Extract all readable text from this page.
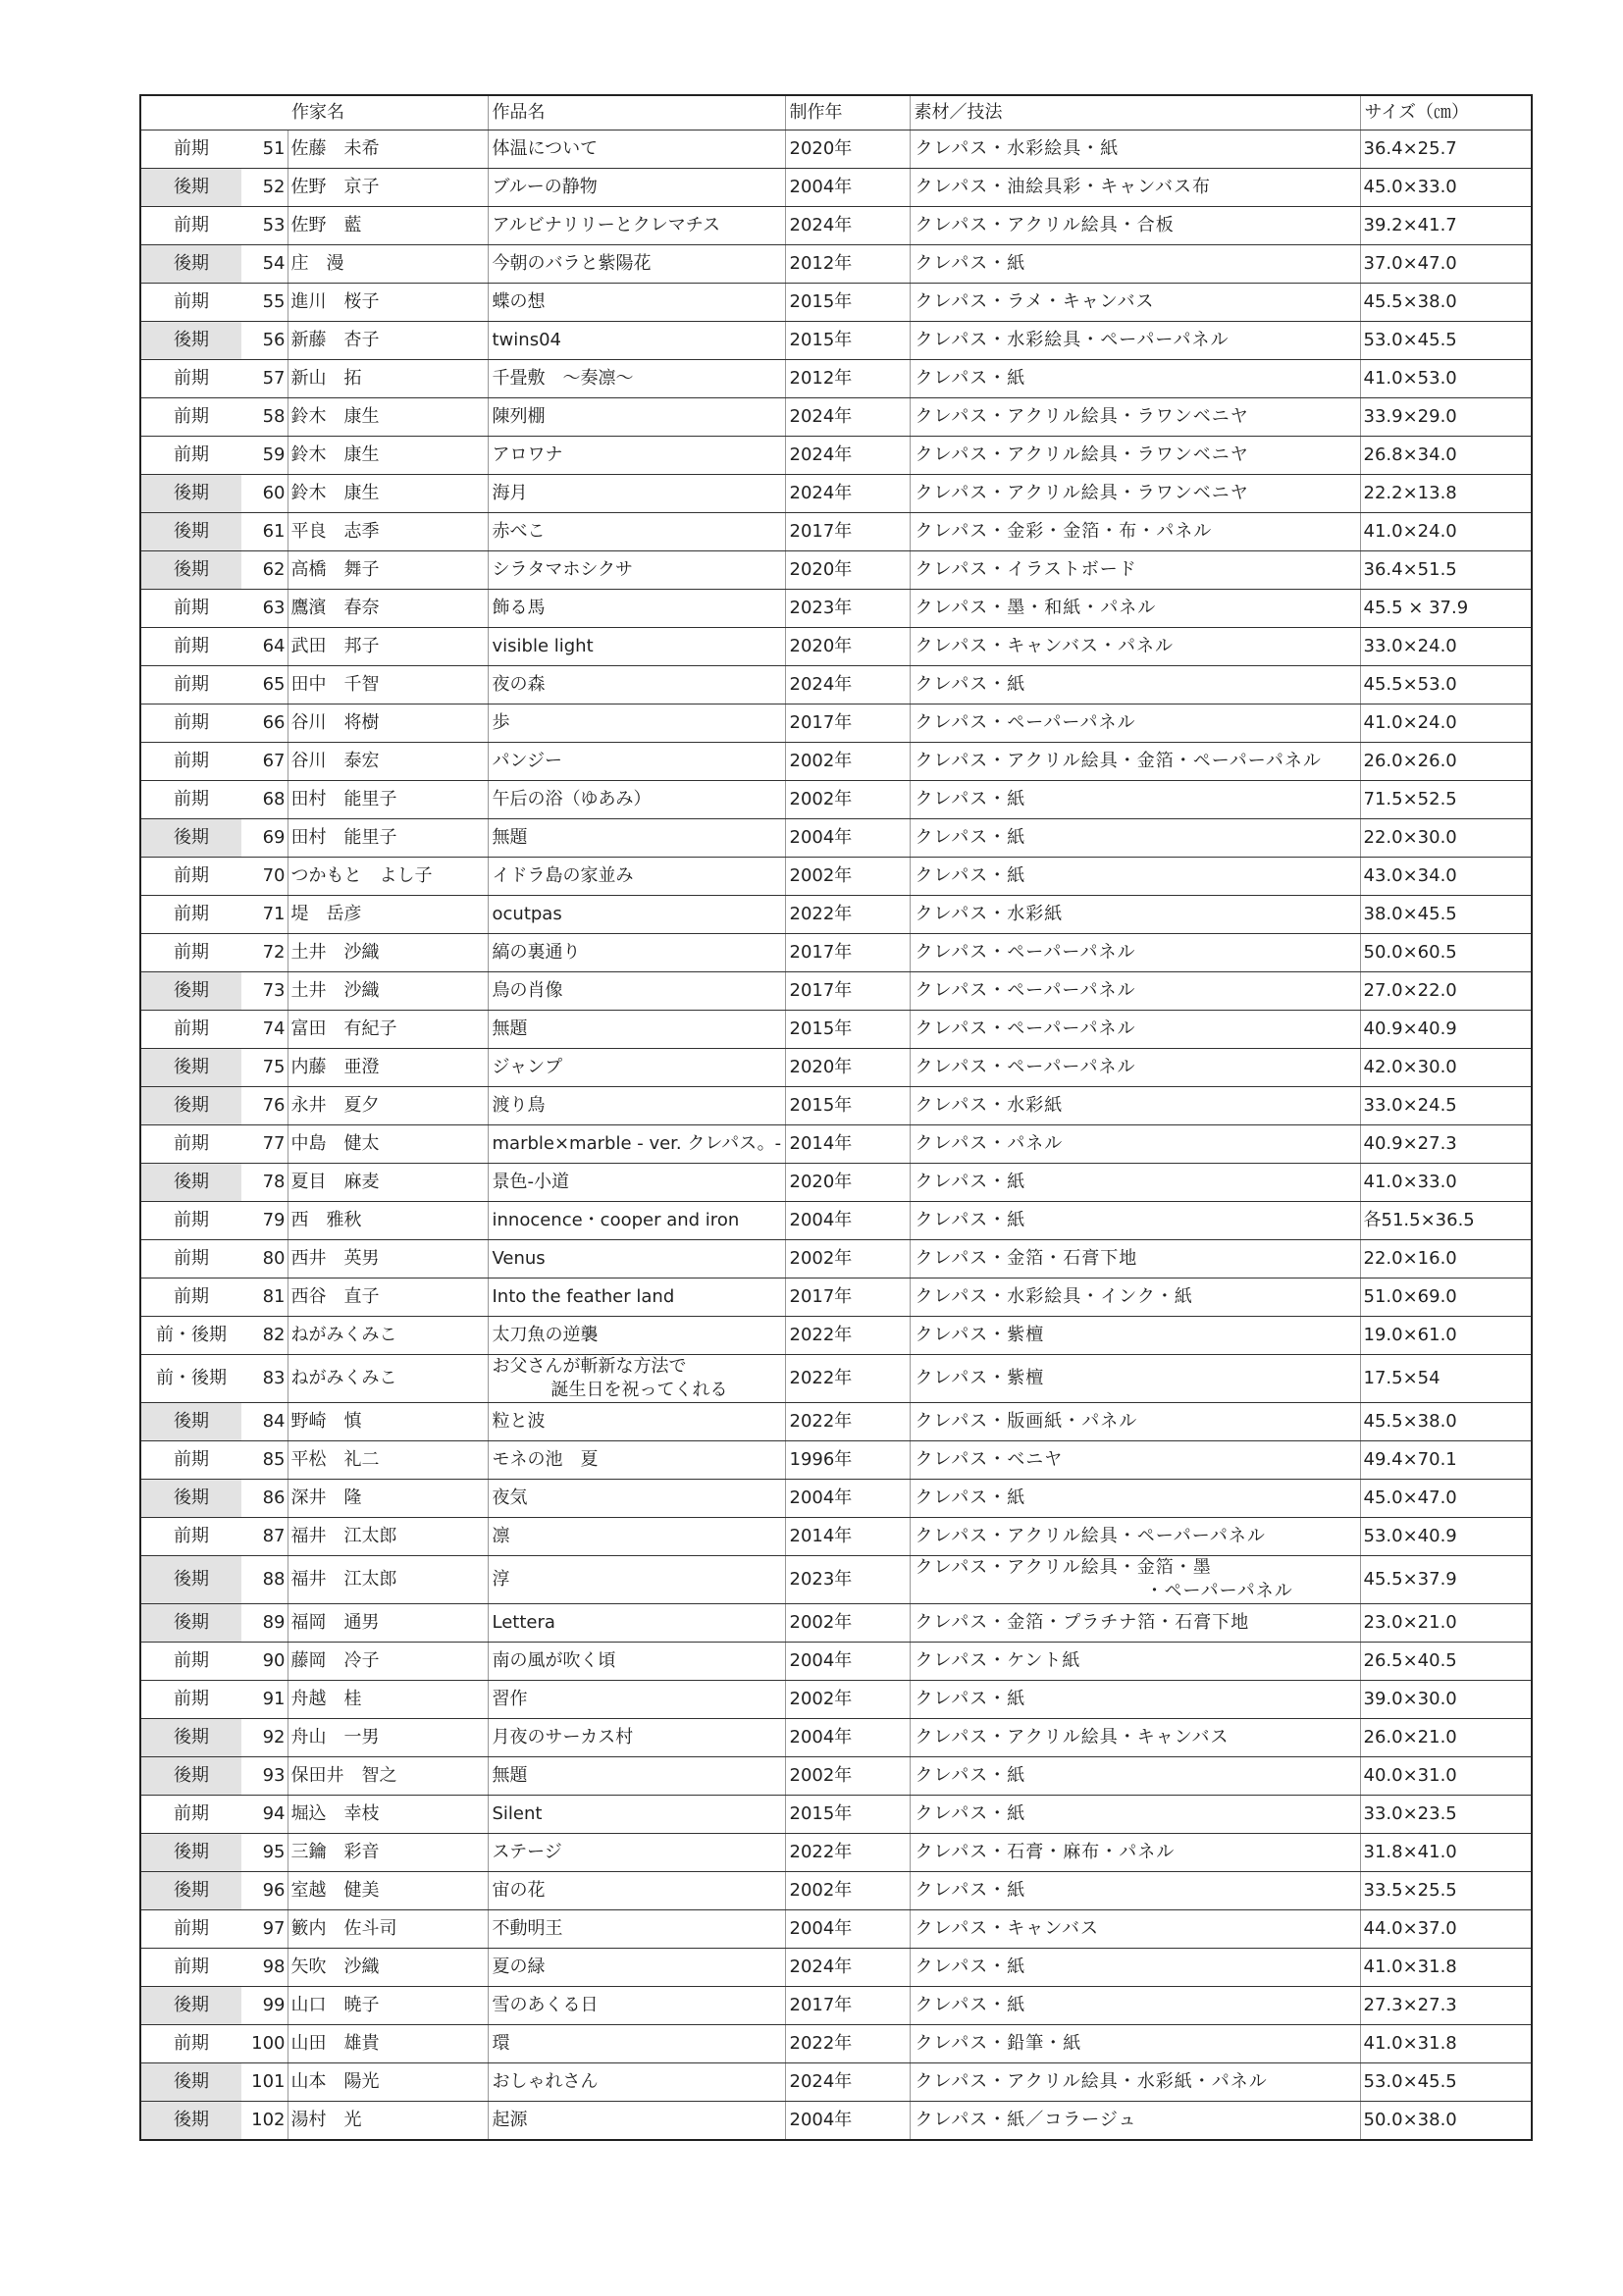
		作家名	作品名	制作年	素材／技法	サイズ（㎝）
前期	51	佐藤　未希	体温について	2020年	クレパス・水彩絵具・紙	36.4×25.7
後期	52	佐野　京子	ブルーの静物	2004年	クレパス・油絵具彩・キャンバス布	45.0×33.0
前期	53	佐野　藍	アルビナリリーとクレマチス	2024年	クレパス・アクリル絵具・合板	39.2×41.7
後期	54	庄　漫	今朝のバラと紫陽花	2012年	クレパス・紙	37.0×47.0
前期	55	進川　桜子	蝶の想	2015年	クレパス・ラメ・キャンバス	45.5×38.0
後期	56	新藤　杏子	twins04	2015年	クレパス・水彩絵具・ペーパーパネル	53.0×45.5
前期	57	新山　拓	千畳敷　〜奏凛〜	2012年	クレパス・紙	41.0×53.0
前期	58	鈴木　康生	陳列棚	2024年	クレパス・アクリル絵具・ラワンベニヤ	33.9×29.0
前期	59	鈴木　康生	アロワナ	2024年	クレパス・アクリル絵具・ラワンベニヤ	26.8×34.0
後期	60	鈴木　康生	海月	2024年	クレパス・アクリル絵具・ラワンベニヤ	22.2×13.8
後期	61	平良　志季	赤べこ	2017年	クレパス・金彩・金箔・布・パネル	41.0×24.0
後期	62	高橋　舞子	シラタマホシクサ	2020年	クレパス・イラストボード	36.4×51.5
前期	63	鷹濱　春奈	飾る馬	2023年	クレパス・墨・和紙・パネル	45.5 × 37.9
前期	64	武田　邦子	visible light	2020年	クレパス・キャンバス・パネル	33.0×24.0
前期	65	田中　千智	夜の森	2024年	クレパス・紙	45.5×53.0
前期	66	谷川　将樹	歩	2017年	クレパス・ペーパーパネル	41.0×24.0
前期	67	谷川　泰宏	パンジー	2002年	クレパス・アクリル絵具・金箔・ペーパーパネル	26.0×26.0
前期	68	田村　能里子	午后の浴（ゆあみ）	2002年	クレパス・紙	71.5×52.5
後期	69	田村　能里子	無題	2004年	クレパス・紙	22.0×30.0
前期	70	つかもと　よし子	イドラ島の家並み	2002年	クレパス・紙	43.0×34.0
前期	71	堤　岳彦	ocutpas	2022年	クレパス・水彩紙	38.0×45.5
前期	72	土井　沙織	縞の裏通り	2017年	クレパス・ペーパーパネル	50.0×60.5
後期	73	土井　沙織	鳥の肖像	2017年	クレパス・ペーパーパネル	27.0×22.0
前期	74	富田　有紀子	無題	2015年	クレパス・ペーパーパネル	40.9×40.9
後期	75	内藤　亜澄	ジャンプ	2020年	クレパス・ペーパーパネル	42.0×30.0
後期	76	永井　夏夕	渡り鳥	2015年	クレパス・水彩紙	33.0×24.5
前期	77	中島　健太	marble×marble - ver. クレパス。-	2014年	クレパス・パネル	40.9×27.3
後期	78	夏目　麻麦	景色-小道	2020年	クレパス・紙	41.0×33.0
前期	79	西　雅秋	innocence・cooper and iron	2004年	クレパス・紙	各51.5×36.5
前期	80	西井　英男	Venus	2002年	クレパス・金箔・石膏下地	22.0×16.0
前期	81	西谷　直子	Into the feather land	2017年	クレパス・水彩絵具・インク・紙	51.0×69.0
前・後期	82	ねがみくみこ	太刀魚の逆襲	2022年	クレパス・紫檀	19.0×61.0
前・後期	83	ねがみくみこ	お父さんが斬新な方法で
誕生日を祝ってくれる	2022年	クレパス・紫檀	17.5×54
後期	84	野崎　慎	粒と波	2022年	クレパス・版画紙・パネル	45.5×38.0
前期	85	平松　礼二	モネの池　夏	1996年	クレパス・ベニヤ	49.4×70.1
後期	86	深井　隆	夜気	2004年	クレパス・紙	45.0×47.0
前期	87	福井　江太郎	凛	2014年	クレパス・アクリル絵具・ペーパーパネル	53.0×40.9
後期	88	福井　江太郎	淳	2023年	クレパス・アクリル絵具・金箔・墨
・ペーパーパネル	45.5×37.9
後期	89	福岡　通男	Lettera	2002年	クレパス・金箔・プラチナ箔・石膏下地	23.0×21.0
前期	90	藤岡　冷子	南の風が吹く頃	2004年	クレパス・ケント紙	26.5×40.5
前期	91	舟越　桂	習作	2002年	クレパス・紙	39.0×30.0
後期	92	舟山　一男	月夜のサーカス村	2004年	クレパス・アクリル絵具・キャンバス	26.0×21.0
後期	93	保田井　智之	無題	2002年	クレパス・紙	40.0×31.0
前期	94	堀込　幸枝	Silent	2015年	クレパス・紙	33.0×23.5
後期	95	三鑰　彩音	ステージ	2022年	クレパス・石膏・麻布・パネル	31.8×41.0
後期	96	室越　健美	宙の花	2002年	クレパス・紙	33.5×25.5
前期	97	籔内　佐斗司	不動明王	2004年	クレパス・キャンバス	44.0×37.0
前期	98	矢吹　沙織	夏の緑	2024年	クレパス・紙	41.0×31.8
後期	99	山口　暁子	雪のあくる日	2017年	クレパス・紙	27.3×27.3
前期	100	山田　雄貴	環	2022年	クレパス・鉛筆・紙	41.0×31.8
後期	101	山本　陽光	おしゃれさん	2024年	クレパス・アクリル絵具・水彩紙・パネル	53.0×45.5
後期	102	湯村　光	起源	2004年	クレパス・紙／コラージュ	50.0×38.0
